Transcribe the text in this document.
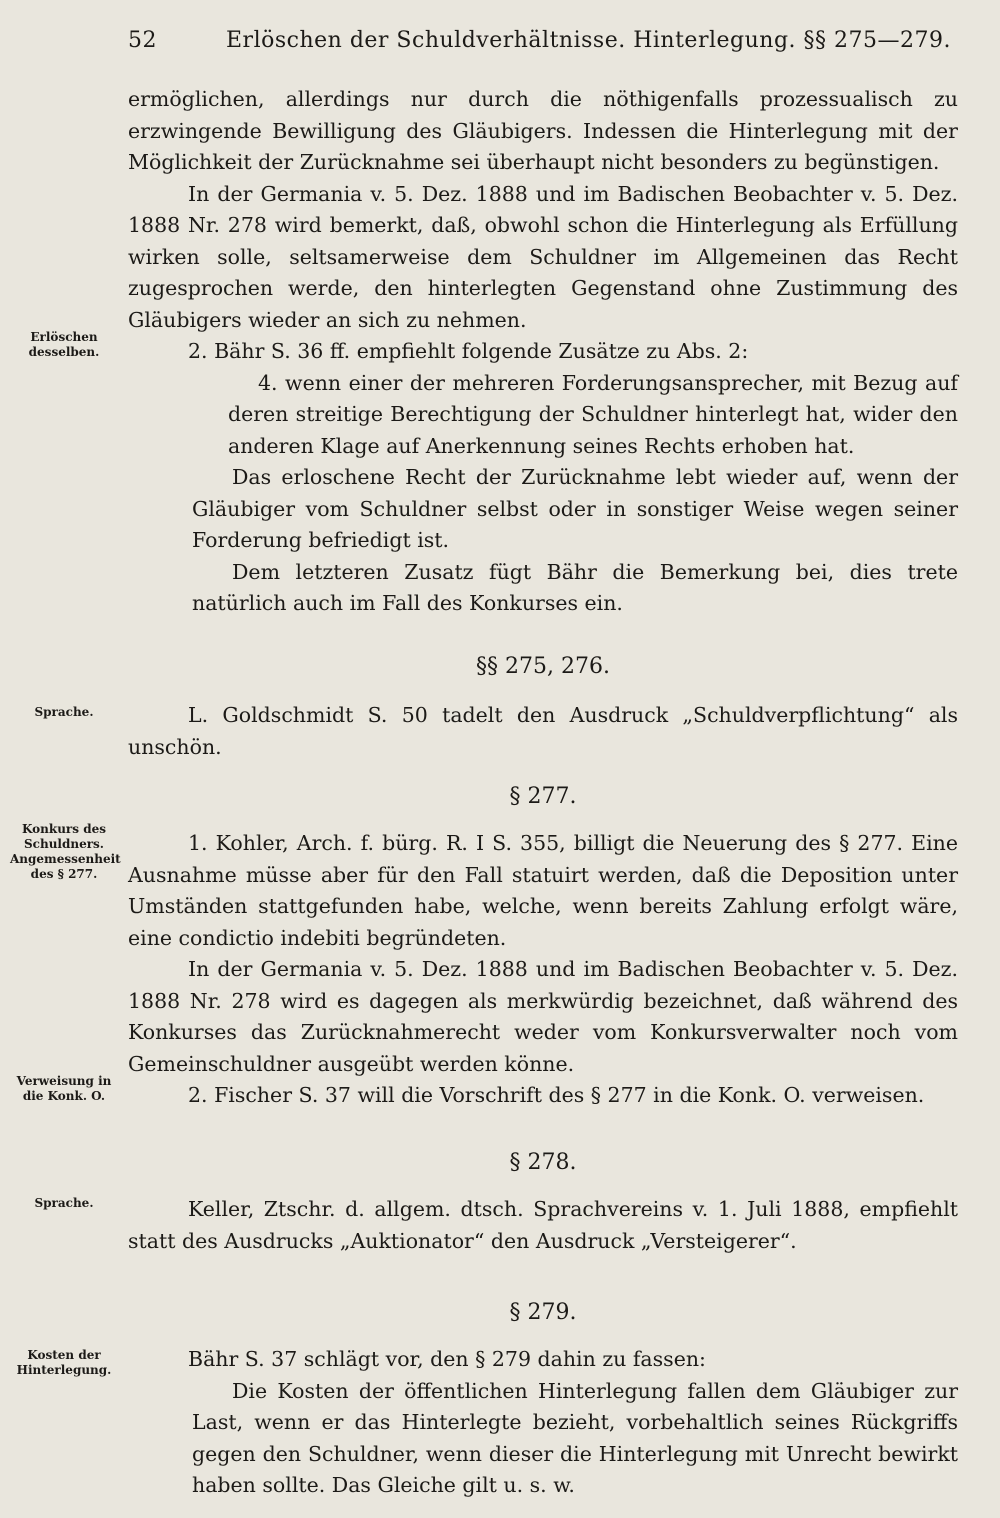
52	Erlöschen der Schuldverhältnisse. Hinterlegung. §§ 275—279.
Erlöschen desselben.
Sprache.
Konkurs des Schuldners. Angemessenheit des § 277.
Verweisung in die Konk. O.
Sprache.
Kosten der Hinterlegung.

ermöglichen, allerdings nur durch die nöthigenfalls prozessualisch zu erzwingende Bewilligung des Gläubigers. Indessen die Hinterlegung mit der Möglichkeit der Zurücknahme sei überhaupt nicht besonders zu begünstigen.

In der Germania v. 5. Dez. 1888 und im Badischen Beobachter v. 5. Dez. 1888 Nr. 278 wird bemerkt, daß, obwohl schon die Hinterlegung als Erfüllung wirken solle, seltsamerweise dem Schuldner im Allgemeinen das Recht zugesprochen werde, den hinterlegten Gegenstand ohne Zustimmung des Gläubigers wieder an sich zu nehmen.

2. Bähr S. 36 ff. empfiehlt folgende Zusätze zu Abs. 2:

4. wenn einer der mehreren Forderungsansprecher, mit Bezug auf deren streitige Berechtigung der Schuldner hinterlegt hat, wider den anderen Klage auf Anerkennung seines Rechts erhoben hat.

Das erloschene Recht der Zurücknahme lebt wieder auf, wenn der Gläubiger vom Schuldner selbst oder in sonstiger Weise wegen seiner Forderung befriedigt ist.

Dem letzteren Zusatz fügt Bähr die Bemerkung bei, dies trete natürlich auch im Fall des Konkurses ein.

§§ 275, 276.

L. Goldschmidt S. 50 tadelt den Ausdruck „Schuldverpflichtung“ als unschön.

§ 277.

1. Kohler, Arch. f. bürg. R. I S. 355, billigt die Neuerung des § 277. Eine Ausnahme müsse aber für den Fall statuirt werden, daß die Deposition unter Umständen stattgefunden habe, welche, wenn bereits Zahlung erfolgt wäre, eine condictio indebiti begründeten.

In der Germania v. 5. Dez. 1888 und im Badischen Beobachter v. 5. Dez. 1888 Nr. 278 wird es dagegen als merkwürdig bezeichnet, daß während des Konkurses das Zurücknahmerecht weder vom Konkursverwalter noch vom Gemeinschuldner ausgeübt werden könne.

2. Fischer S. 37 will die Vorschrift des § 277 in die Konk. O. verweisen.

§ 278.

Keller, Ztschr. d. allgem. dtsch. Sprachvereins v. 1. Juli 1888, empfiehlt statt des Ausdrucks „Auktionator“ den Ausdruck „Versteigerer“.

§ 279.

Bähr S. 37 schlägt vor, den § 279 dahin zu fassen:

Die Kosten der öffentlichen Hinterlegung fallen dem Gläubiger zur Last, wenn er das Hinterlegte bezieht, vorbehaltlich seines Rückgriffs gegen den Schuldner, wenn dieser die Hinterlegung mit Unrecht bewirkt haben sollte. Das Gleiche gilt u. s. w.
